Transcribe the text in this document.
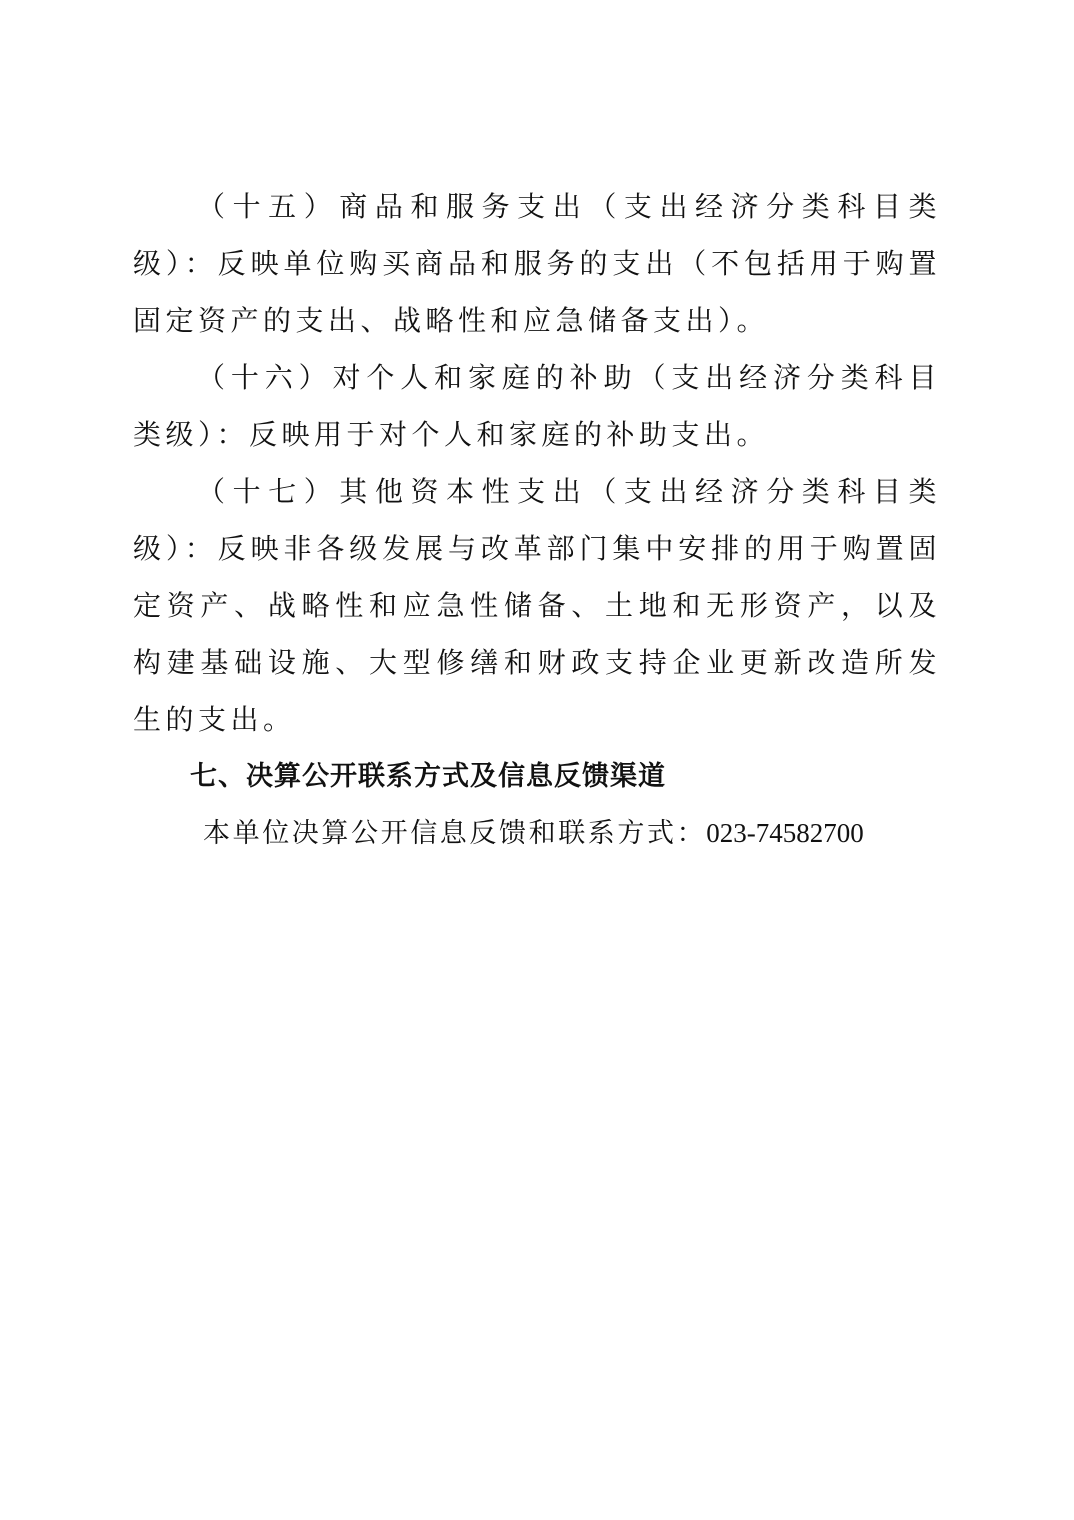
（十五）商品和服务支出（支出经济分类科目类级）：反映单位购买商品和服务的支出（不包括用于购置固定资产的支出、战略性和应急储备支出）。

（十六）对个人和家庭的补助（支出经济分类科目类级）：反映用于对个人和家庭的补助支出。

（十七）其他资本性支出（支出经济分类科目类级）：反映非各级发展与改革部门集中安排的用于购置固定资产、战略性和应急性储备、土地和无形资产，以及构建基础设施、大型修缮和财政支持企业更新改造所发生的支出。

七、决算公开联系方式及信息反馈渠道

本单位决算公开信息反馈和联系方式：023-74582700
